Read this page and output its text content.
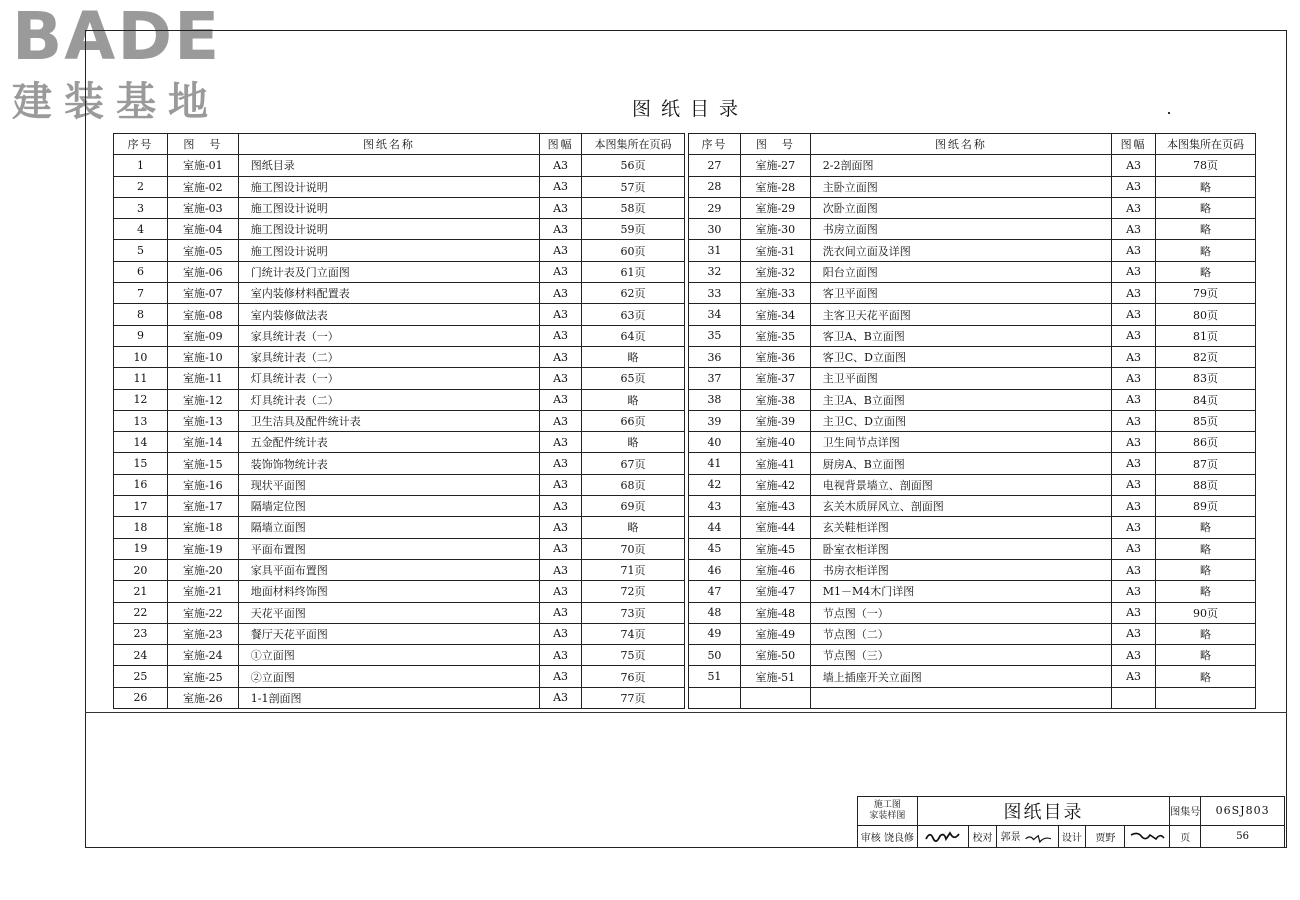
BADE
建装基地	图纸目录
序号	图　号	图纸名称	图幅	本图集所在页码
1	室施-01	图纸目录	A3	56页
2	室施-02	施工图设计说明	A3	57页
3	室施-03	施工图设计说明	A3	58页
4	室施-04	施工图设计说明	A3	59页
5	室施-05	施工图设计说明	A3	60页
6	室施-06	门统计表及门立面图	A3	61页
7	室施-07	室内装修材料配置表	A3	62页
8	室施-08	室内装修做法表	A3	63页
9	室施-09	家具统计表（一）	A3	64页
10	室施-10	家具统计表（二）	A3	略
11	室施-11	灯具统计表（一）	A3	65页
12	室施-12	灯具统计表（二）	A3	略
13	室施-13	卫生洁具及配件统计表	A3	66页
14	室施-14	五金配件统计表	A3	略
15	室施-15	装饰饰物统计表	A3	67页
16	室施-16	现状平面图	A3	68页
17	室施-17	隔墙定位图	A3	69页
18	室施-18	隔墙立面图	A3	略
19	室施-19	平面布置图	A3	70页
20	室施-20	家具平面布置图	A3	71页
21	室施-21	地面材料终饰图	A3	72页
22	室施-22	天花平面图	A3	73页
23	室施-23	餐厅天花平面图	A3	74页
24	室施-24	①立面图	A3	75页
25	室施-25	②立面图	A3	76页
26	室施-26	1-1剖面图	A3	77页
序号	图　号	图纸名称	图幅	本图集所在页码
27	室施-27	2-2剖面图	A3	78页
28	室施-28	主卧立面图	A3	略
29	室施-29	次卧立面图	A3	略
30	室施-30	书房立面图	A3	略
31	室施-31	洗衣间立面及详图	A3	略
32	室施-32	阳台立面图	A3	略
33	室施-33	客卫平面图	A3	79页
34	室施-34	主客卫天花平面图	A3	80页
35	室施-35	客卫A、B立面图	A3	81页
36	室施-36	客卫C、D立面图	A3	82页
37	室施-37	主卫平面图	A3	83页
38	室施-38	主卫A、B立面图	A3	84页
39	室施-39	主卫C、D立面图	A3	85页
40	室施-40	卫生间节点详图	A3	86页
41	室施-41	厨房A、B立面图	A3	87页
42	室施-42	电视背景墙立、剖面图	A3	88页
43	室施-43	玄关木质屏风立、剖面图	A3	89页
44	室施-44	玄关鞋柜详图	A3	略
45	室施-45	卧室衣柜详图	A3	略
46	室施-46	书房衣柜详图	A3	略
47	室施-47	M1－M4木门详图	A3	略
48	室施-48	节点图（一）	A3	90页
49	室施-49	节点图（二）	A3	略
50	室施-50	节点图（三）	A3	略
51	室施-51	墙上插座开关立面图	A3	略

施工图
家装样图	图纸目录						图集号	06SJ803
审核 饶良修		校对	郭景	设计	贾野		页	56
